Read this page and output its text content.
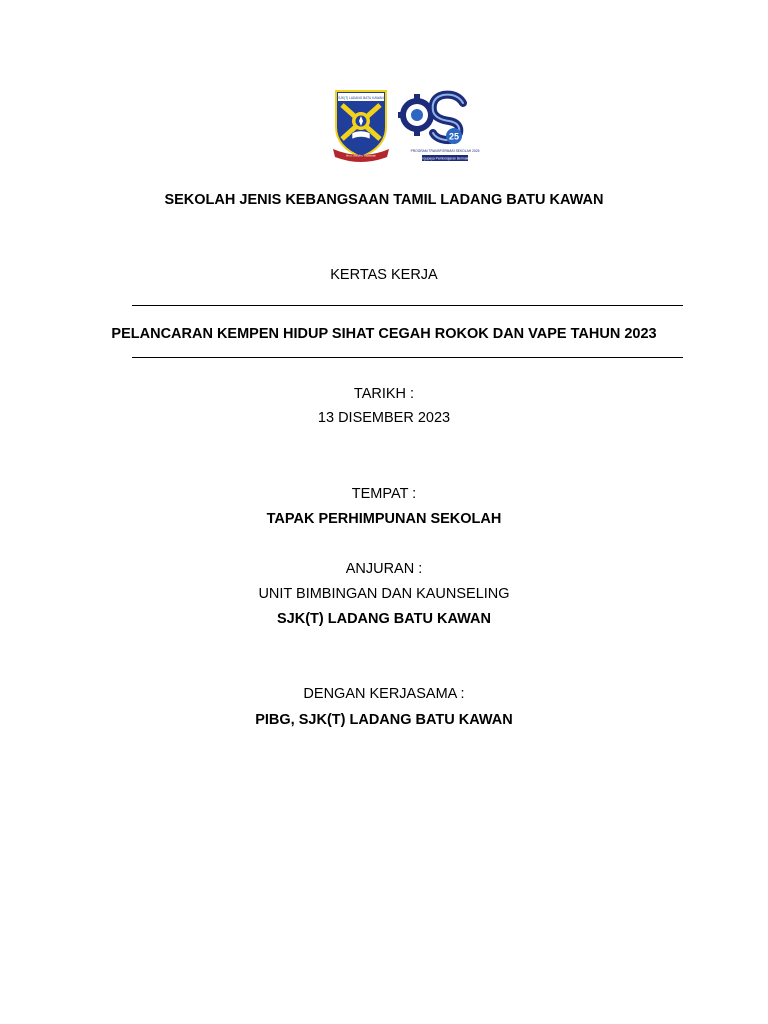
SJK(T) LADANG BATU KAWAN
Ilmu, disiplin, kejayaan
25
PROGRAM TRANSFORMASI SEKOLAH 2025
Pengupaya Pembelajaran Bermakna
SEKOLAH JENIS KEBANGSAAN TAMIL LADANG BATU KAWAN
KERTAS KERJA
PELANCARAN KEMPEN HIDUP SIHAT CEGAH ROKOK DAN VAPE TAHUN 2023
TARIKH :
13 DISEMBER 2023
TEMPAT :
TAPAK PERHIMPUNAN SEKOLAH
ANJURAN :
UNIT BIMBINGAN DAN KAUNSELING
SJK(T) LADANG BATU KAWAN
DENGAN KERJASAMA :
PIBG, SJK(T) LADANG BATU KAWAN
